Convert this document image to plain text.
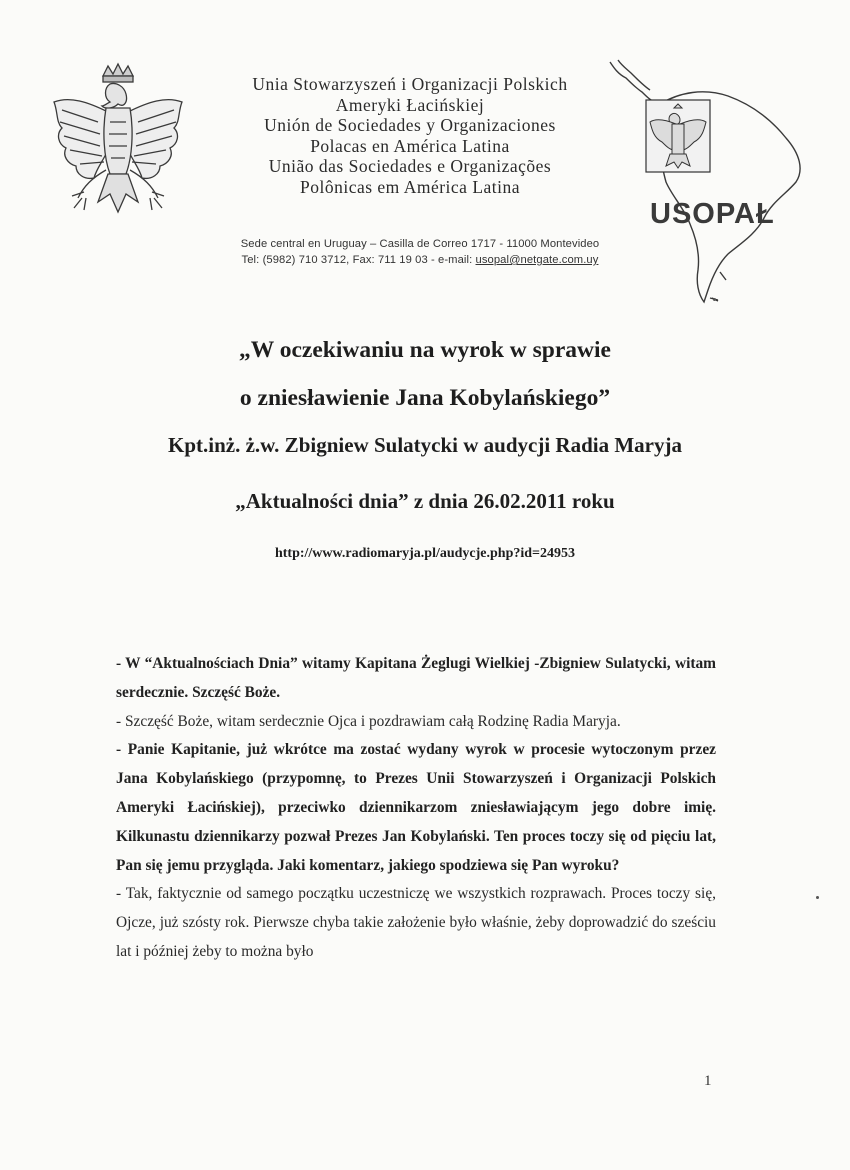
Unia Stowarzyszeń i Organizacji Polskich
Ameryki Łacińskiej
Unión de Sociedades y Organizaciones
Polacas en América Latina
União das Sociedades e Organizações
Polônicas em América Latina
Sede central en Uruguay – Casilla de Correo 1717 - 11000 Montevideo
Tel: (5982) 710 3712, Fax: 711 19 03 - e-mail: usopal@netgate.com.uy
USOPAŁ
„W oczekiwaniu na wyrok w sprawie
o zniesławienie Jana Kobylańskiego”
Kpt.inż. ż.w. Zbigniew Sulatycki w audycji Radia Maryja
„Aktualności dnia” z dnia 26.02.2011 roku
http://www.radiomaryja.pl/audycje.php?id=24953

- W “Aktualnościach Dnia” witamy Kapitana Żeglugi Wielkiej -Zbigniew Sulatycki, witam serdecznie. Szczęść Boże.

- Szczęść Boże, witam serdecznie Ojca i pozdrawiam całą Rodzinę Radia Maryja.

- Panie Kapitanie, już wkrótce ma zostać wydany wyrok w procesie wytoczonym przez Jana Kobylańskiego (przypomnę, to Prezes Unii Stowarzyszeń i Organizacji Polskich Ameryki Łacińskiej), przeciwko dziennikarzom zniesławiającym jego dobre imię. Kilkunastu dziennikarzy pozwał Prezes Jan Kobylański. Ten proces toczy się od pięciu lat, Pan się jemu przygląda. Jaki komentarz, jakiego spodziewa się Pan wyroku?

- Tak, faktycznie od samego początku uczestniczę we wszystkich rozprawach. Proces toczy się, Ojcze, już szósty rok. Pierwsze chyba takie założenie było właśnie, żeby doprowadzić do sześciu lat i później żeby to można było

1
